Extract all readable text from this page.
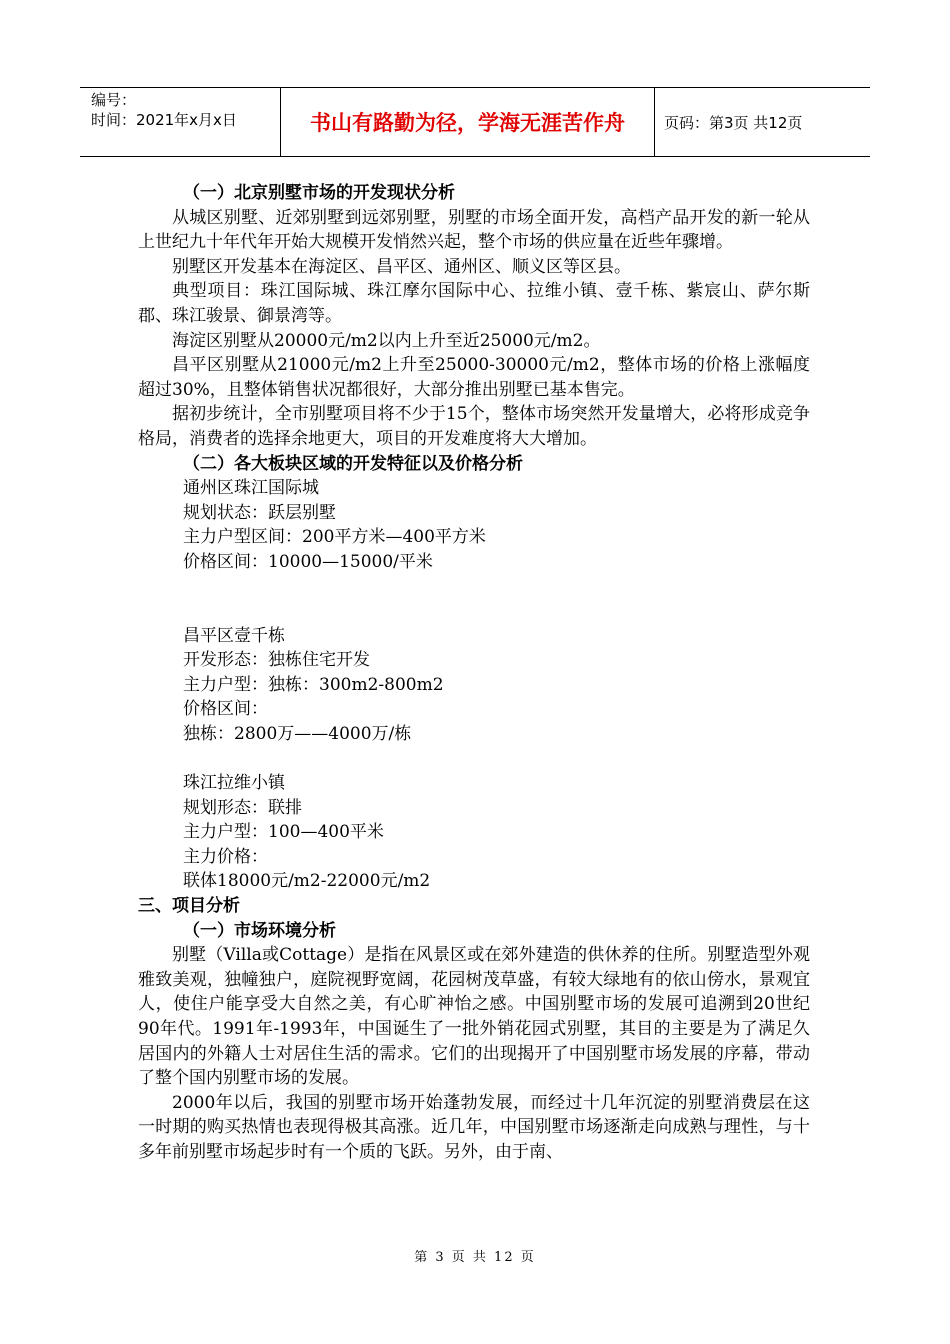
编号：
时间：2021年x月x日	书山有路勤为径，学海无涯苦作舟	页码：第3页 共12页
（一）北京别墅市场的开发现状分析
从城区别墅、近郊别墅到远郊别墅，别墅的市场全面开发，高档产品开发的新一轮从上世纪九十年代年开始大规模开发悄然兴起，整个市场的供应量在近些年骤增。
别墅区开发基本在海淀区、昌平区、通州区、顺义区等区县。
典型项目：珠江国际城、珠江摩尔国际中心、拉维小镇、壹千栋、紫宸山、萨尔斯郡、珠江骏景、御景湾等。
海淀区别墅从20000元/m2以内上升至近25000元/m2。
昌平区别墅从21000元/m2上升至25000-30000元/m2，整体市场的价格上涨幅度超过30%，且整体销售状况都很好，大部分推出别墅已基本售完。
据初步统计，全市别墅项目将不少于15个，整体市场突然开发量增大，必将形成竞争格局，消费者的选择余地更大，项目的开发难度将大大增加。
（二）各大板块区域的开发特征以及价格分析
通州区珠江国际城
规划状态：跃层别墅
主力户型区间：200平方米—400平方米
价格区间：10000—15000/平米
昌平区壹千栋
开发形态：独栋住宅开发
主力户型：独栋：300m2-800m2
价格区间：
独栋：2800万——4000万/栋
珠江拉维小镇
规划形态：联排
主力户型：100—400平米
主力价格：
联体18000元/m2-22000元/m2
三、项目分析
（一）市场环境分析
别墅（Villa或Cottage）是指在风景区或在郊外建造的供休养的住所。别墅造型外观雅致美观，独幢独户，庭院视野宽阔，花园树茂草盛，有较大绿地有的依山傍水，景观宜人，使住户能享受大自然之美，有心旷神怡之感。中国别墅市场的发展可追溯到20世纪90年代。1991年-1993年，中国诞生了一批外销花园式别墅，其目的主要是为了满足久居国内的外籍人士对居住生活的需求。它们的出现揭开了中国别墅市场发展的序幕，带动了整个国内别墅市场的发展。
2000年以后，我国的别墅市场开始蓬勃发展，而经过十几年沉淀的别墅消费层在这一时期的购买热情也表现得极其高涨。近几年，中国别墅市场逐渐走向成熟与理性，与十多年前别墅市场起步时有一个质的飞跃。另外，由于南、
第 3 页 共 12 页
